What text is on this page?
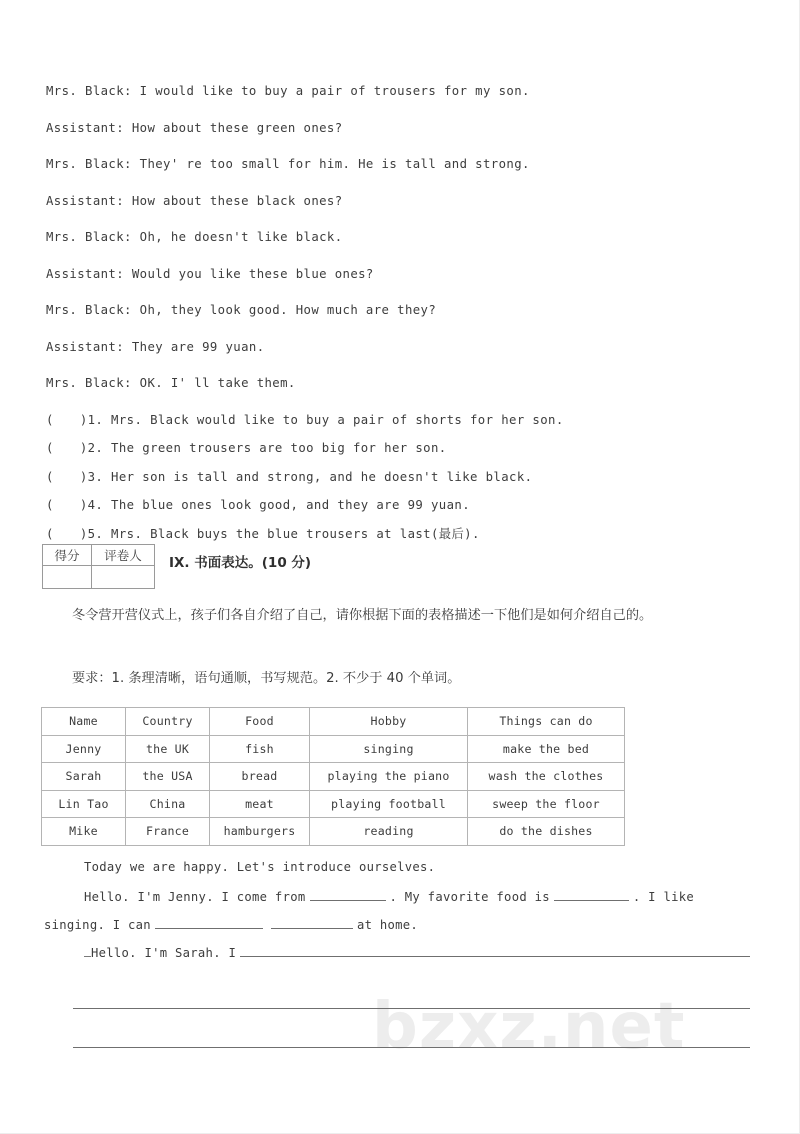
bzxz.net
Mrs. Black: I would like to buy a pair of trousers for my son.
Assistant: How about these green ones?
Mrs. Black: They' re too small for him. He is tall and strong.
Assistant: How about these black ones?
Mrs. Black: Oh, he doesn't like black.
Assistant: Would you like these blue ones?
Mrs. Black: Oh, they look good. How much are they?
Assistant: They are 99 yuan.
Mrs. Black: OK. I' ll take them.
( )1. Mrs. Black would like to buy a pair of shorts for her son.
( )2. The green trousers are too big for her son.
( )3. Her son is tall and strong, and he doesn't like black.
( )4. The blue ones look good, and they are 99 yuan.
( )5. Mrs. Black buys the blue trousers at last(最后).
得分	评卷人
	IX. 书面表达。(10 分)
冬令营开营仪式上，孩子们各自介绍了自己，请你根据下面的表格描述一下他们是如何介绍自己的。
要求：1. 条理清晰，语句通顺，书写规范。2. 不少于 40 个单词。
Name	Country	Food	Hobby	Things can do
Jenny	the UK	fish	singing	make the bed
Sarah	the USA	bread	playing the piano	wash the clothes
Lin Tao	China	meat	playing football	sweep the floor
Mike	France	hamburgers	reading	do the dishes
Today we are happy. Let's introduce ourselves.
Hello. I'm Jenny. I come from	. My favorite food is	. I like
singing. I can	at home.
Hello. I'm Sarah. I
